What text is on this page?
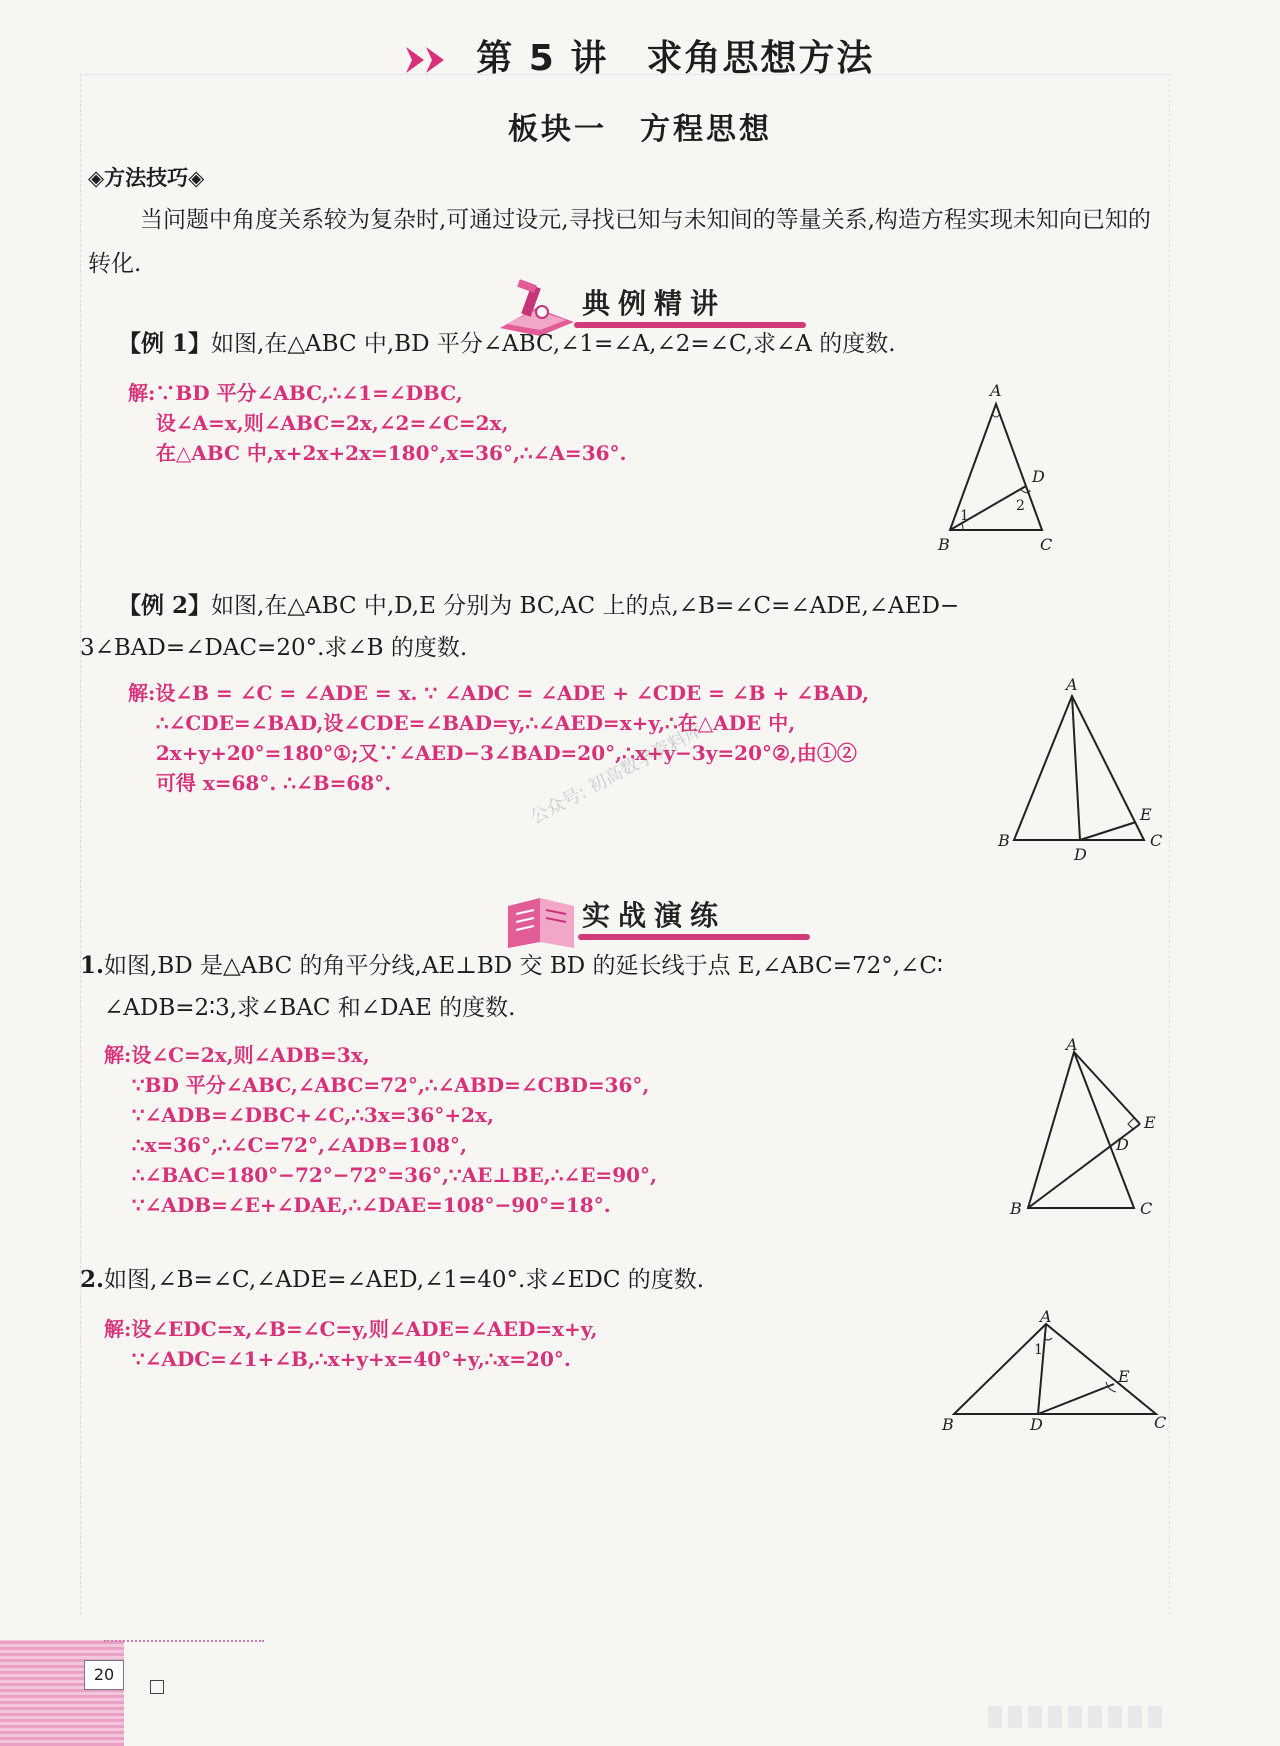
第 5 讲　求角思想方法
板块一　方程思想
◈方法技巧◈
当问题中角度关系较为复杂时,可通过设元,寻找已知与未知间的等量关系,构造方程实现未知向已知的转化.
典例精讲
【例 1】如图,在△ABC 中,BD 平分∠ABC,∠1=∠A,∠2=∠C,求∠A 的度数.
解:∵BD 平分∠ABC,∴∠1=∠DBC,
设∠A=x,则∠ABC=2x,∠2=∠C=2x,
在△ABC 中,x+2x+2x=180°,x=36°,∴∠A=36°.
A
D
2
1
B	C
【例 2】如图,在△ABC 中,D,E 分别为 BC,AC 上的点,∠B=∠C=∠ADE,∠AED−
3∠BAD=∠DAC=20°.求∠B 的度数.
解:设∠B = ∠C = ∠ADE = x. ∵ ∠ADC = ∠ADE + ∠CDE = ∠B + ∠BAD,
∴∠CDE=∠BAD,设∠CDE=∠BAD=y,∴∠AED=x+y,∴在△ADE 中,
2x+y+20°=180°①;又∵∠AED−3∠BAD=20°,∴x+y−3y=20°②,由①②
可得 x=68°. ∴∠B=68°.	公众号: 初高数学资料库
A
E
B
D
C
实战演练
1.如图,BD 是△ABC 的角平分线,AE⊥BD 交 BD 的延长线于点 E,∠ABC=72°,∠C∶
∠ADB=2∶3,求∠BAC 和∠DAE 的度数.
解:设∠C=2x,则∠ADB=3x,
∵BD 平分∠ABC,∠ABC=72°,∴∠ABD=∠CBD=36°,
∵∠ADB=∠DBC+∠C,∴3x=36°+2x,
∴x=36°,∴∠C=72°,∠ADB=108°,
∴∠BAC=180°−72°−72°=36°,∵AE⊥BE,∴∠E=90°,
∵∠ADB=∠E+∠DAE,∴∠DAE=108°−90°=18°.
A
E
D
B	C
2.如图,∠B=∠C,∠ADE=∠AED,∠1=40°.求∠EDC 的度数.
解:设∠EDC=x,∠B=∠C=y,则∠ADE=∠AED=x+y,
∵∠ADC=∠1+∠B,∴x+y+x=40°+y,∴x=20°.
A
1
E
B	D	C
20
